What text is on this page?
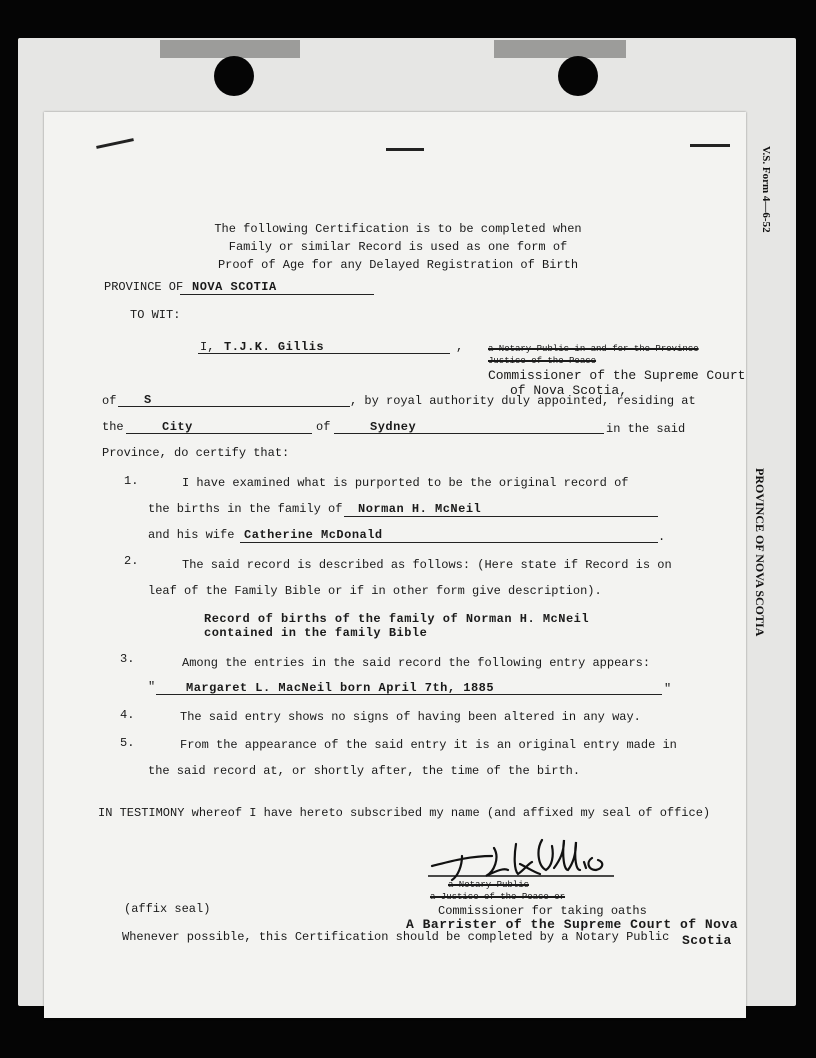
V.S. Form 4—6-52
PROVINCE OF NOVA SCOTIA
The following Certification is to be completed when
Family or similar Record is used as one form of
Proof of Age for any Delayed Registration of Birth
PROVINCE OF NOVA SCOTIA
TO WIT:
I, T.J.K. Gillis	,	a Notary Public in and for the Province
Justice of the Peace
Commissioner of the Supreme Court
of Nova Scotia,
of S	, by royal authority duly appointed, residing at
the	City	of	Sydney	in the said
Province, do certify that:
1.	I have examined what is purported to be the original record of
the births in the family of Norman H. McNeil
and his wife Catherine McDonald	.
2.	The said record is described as follows: (Here state if Record is on
leaf of the Family Bible or if in other form give description).
Record of births of the family of Norman H. McNeil
contained in the family Bible
3.	Among the entries in the said record the following entry appears:
"	Margaret L. MacNeil born April 7th, 1885	"
4.	The said entry shows no signs of having been altered in any way.
5.	From the appearance of the said entry it is an original entry made in
the said record at, or shortly after, the time of the birth.
IN TESTIMONY whereof I have hereto subscribed my name (and affixed my seal of office)
a Notary Public
a Justice of the Peace or
Commissioner for taking oaths
(affix seal)
A Barrister of the Supreme Court of Nova
Scotia
Whenever possible, this Certification should be completed by a Notary Public
